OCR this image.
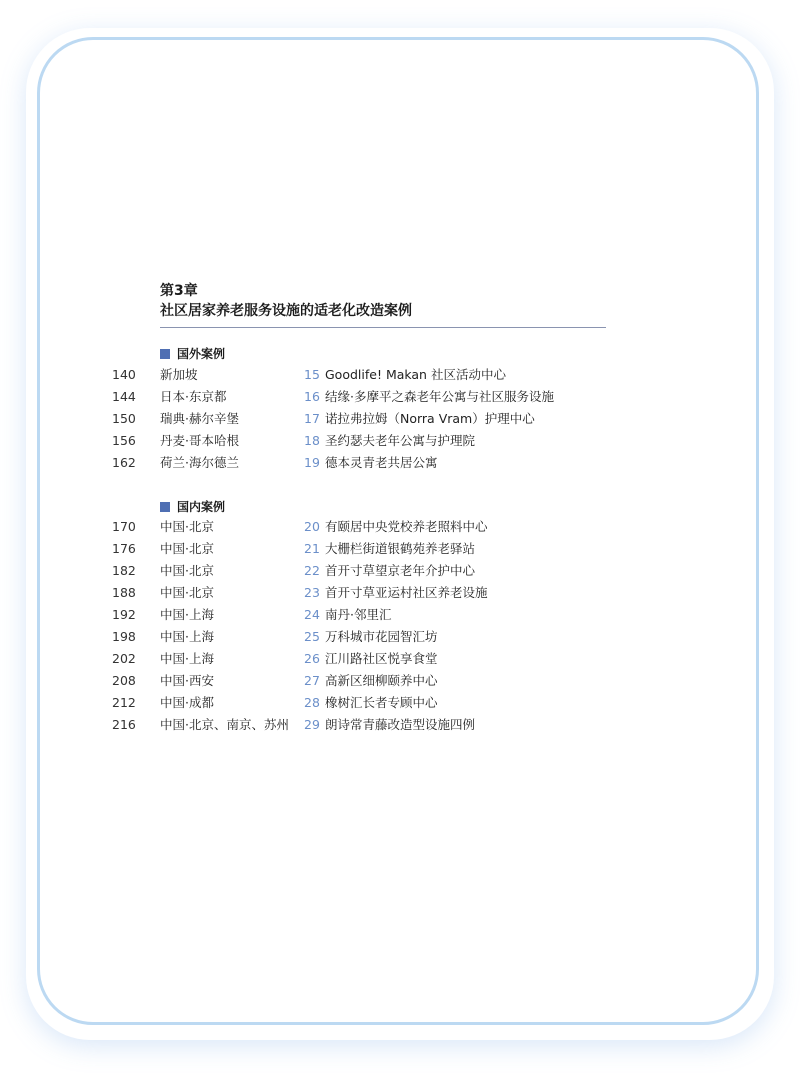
第3章
社区居家养老服务设施的适老化改造案例
国外案例
140 新加坡	15 Goodlife! Makan 社区活动中心
144 日本·东京都	16 结缘·多摩平之森老年公寓与社区服务设施
150 瑞典·赫尔辛堡	17 诺拉弗拉姆（Norra Vram）护理中心
156 丹麦·哥本哈根	18 圣约瑟夫老年公寓与护理院
162 荷兰·海尔德兰	19 德本灵青老共居公寓
国内案例
170 中国·北京	20 有颐居中央党校养老照料中心
176 中国·北京	21 大栅栏街道银鹤苑养老驿站
182 中国·北京	22 首开寸草望京老年介护中心
188 中国·北京	23 首开寸草亚运村社区养老设施
192 中国·上海	24 南丹·邻里汇
198 中国·上海	25 万科城市花园智汇坊
202 中国·上海	26 江川路社区悦享食堂
208 中国·西安	27 高新区细柳颐养中心
212 中国·成都	28 橡树汇长者专顾中心
216 中国·北京、南京、苏州 29 朗诗常青藤改造型设施四例
